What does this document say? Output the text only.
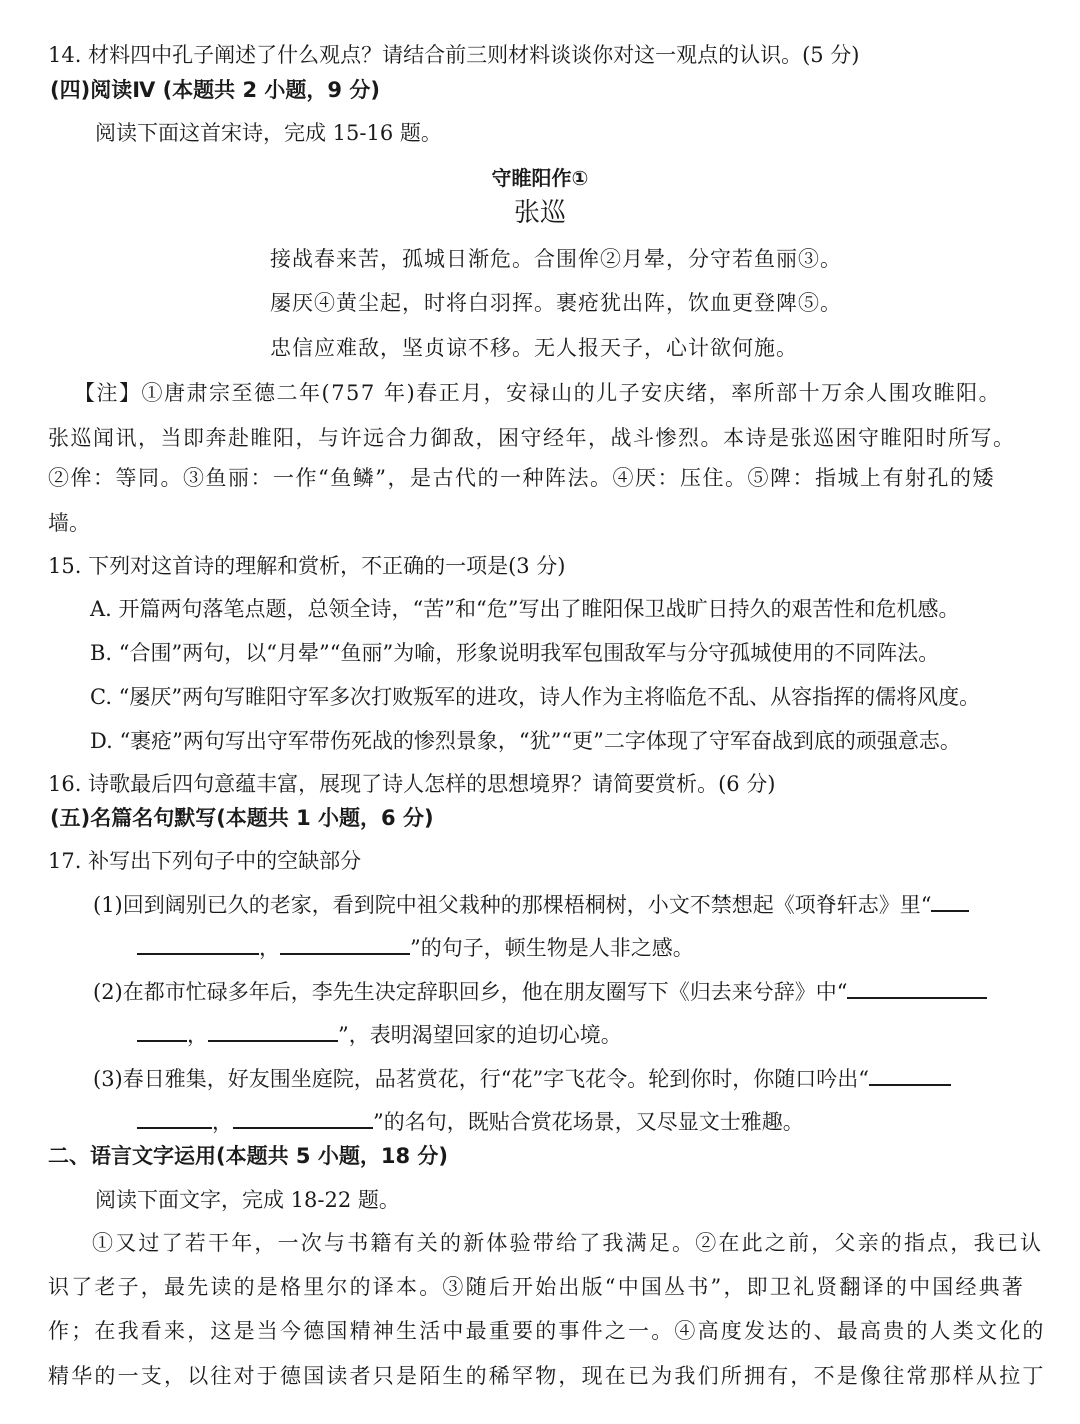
14. 材料四中孔子阐述了什么观点？请结合前三则材料谈谈你对这一观点的认识。(5 分)
(四)阅读Ⅳ (本题共 2 小题，9 分)
阅读下面这首宋诗，完成 15-16 题。
守睢阳作①
张巡
接战春来苦，孤城日渐危。合围侔②月晕，分守若鱼丽③。
屡厌④黄尘起，时将白羽挥。裹疮犹出阵，饮血更登陴⑤。
忠信应难敌，坚贞谅不移。无人报天子，心计欲何施。
【注】①唐肃宗至德二年(757 年)春正月，安禄山的儿子安庆绪，率所部十万余人围攻睢阳。
张巡闻讯，当即奔赴睢阳，与许远合力御敌，困守经年，战斗惨烈。本诗是张巡困守睢阳时所写。
②侔：等同。③鱼丽：一作“鱼鳞”，是古代的一种阵法。④厌：压住。⑤陴：指城上有射孔的矮
墙。
15. 下列对这首诗的理解和赏析，不正确的一项是(3 分)
A. 开篇两句落笔点题，总领全诗，“苦”和“危”写出了睢阳保卫战旷日持久的艰苦性和危机感。
B. “合围”两句，以“月晕”“鱼丽”为喻，形象说明我军包围敌军与分守孤城使用的不同阵法。
C. “屡厌”两句写睢阳守军多次打败叛军的进攻，诗人作为主将临危不乱、从容指挥的儒将风度。
D. “裹疮”两句写出守军带伤死战的惨烈景象，“犹”“更”二字体现了守军奋战到底的顽强意志。
16. 诗歌最后四句意蕴丰富，展现了诗人怎样的思想境界？请简要赏析。(6 分)
(五)名篇名句默写(本题共 1 小题，6 分)
17. 补写出下列句子中的空缺部分
(1)回到阔别已久的老家，看到院中祖父栽种的那棵梧桐树，小文不禁想起《项脊轩志》里“
，	”的句子，顿生物是人非之感。
(2)在都市忙碌多年后，李先生决定辞职回乡，他在朋友圈写下《归去来兮辞》中“
，	”，表明渴望回家的迫切心境。
(3)春日雅集，好友围坐庭院，品茗赏花，行“花”字飞花令。轮到你时，你随口吟出“
，	”的名句，既贴合赏花场景，又尽显文士雅趣。
二、语言文字运用(本题共 5 小题，18 分)
阅读下面文字，完成 18-22 题。
①又过了若干年，一次与书籍有关的新体验带给了我满足。②在此之前，父亲的指点，我已认
识了老子，最先读的是格里尔的译本。③随后开始出版“中国丛书”，即卫礼贤翻译的中国经典著
作；在我看来，这是当今德国精神生活中最重要的事件之一。④高度发达的、最高贵的人类文化的
精华的一支，以往对于德国读者只是陌生的稀罕物，现在已为我们所拥有，不是像往常那样从拉丁
